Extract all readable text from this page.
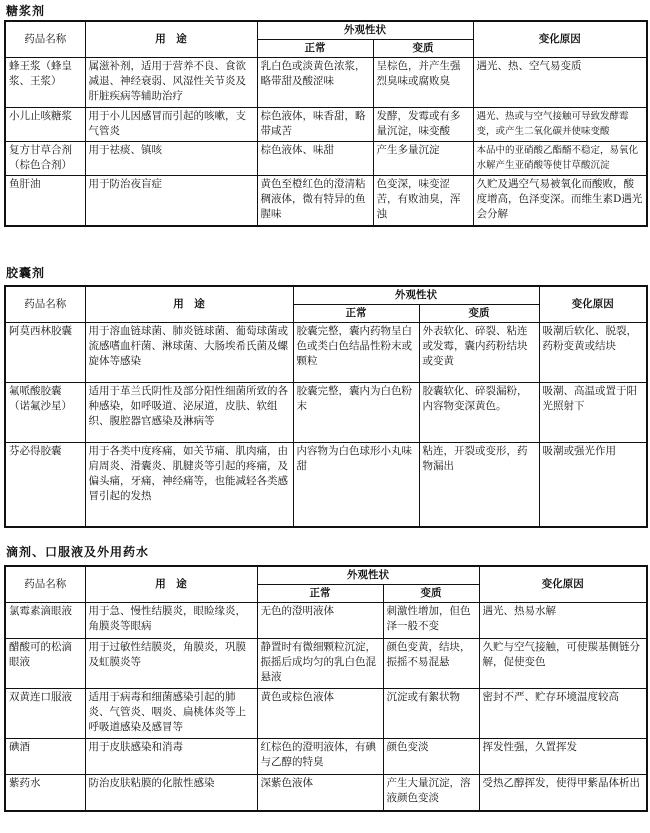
糖浆剂
药品名称	用　途	外观性状		变化原因
		正常	变质	
蜂王浆（蜂皇浆、王浆）	属滋补剂，适用于营养不良、食欲减退、神经衰弱、风湿性关节炎及肝脏疾病等辅助治疗	乳白色或淡黄色浓浆，略带甜及酸涩味	呈棕色，并产生强烈臭味或腐败臭	遇光、热、空气易变质
小儿止咳糖浆	用于小儿因感冒而引起的咳嗽，支气管炎	棕色液体，味香甜，略带咸苦	发酵，发霉或有多量沉淀，味变酸	遇光、热或与空气接触可导致发酵霉变，或产生二氧化碳并使味变酸
复方甘草合剂（棕色合剂）	用于祛痰、镇咳	棕色液体、味甜	产生多量沉淀	本品中的亚硝酸乙酯醑不稳定，易氧化水解产生亚硝酸等使甘草酸沉淀
鱼肝油	用于防治夜盲症	黄色至橙红色的澄清粘稠液体，微有特异的鱼腥味	色变深，味变涩苦，有败油臭，浑浊	久贮及遇空气易被氧化而酸败，酸度增高，色泽变深。而维生素D遇光会分解
胶囊剂
药品名称	用　途	外观性状		变化原因
		正常	变质	
阿莫西林胶囊	用于溶血链球菌、肺炎链球菌、葡萄球菌或流感嗜血杆菌、淋球菌、大肠埃希氏菌及螺旋体等感染	胶囊完整，囊内药物呈白色或类白色结晶性粉末或颗粒	外表软化、碎裂、粘连或发霉，囊内药粉结块或变黄	吸潮后软化、脱裂，药粉变黄或结块
氟哌酸胶囊（诺氟沙星）	适用于革兰氏阴性及部分阳性细菌所致的各种感染，如呼吸道、泌尿道，皮肤、软组织、腹腔器官感染及淋病等	胶囊完整，囊内为白色粉末	胶囊软化、碎裂漏粉，内容物变深黄色。	吸潮、高温或置于阳光照射下
芬必得胶囊	用于各类中度疼痛，如关节痛、肌肉痛，由肩周炎、滑囊炎、肌腱炎等引起的疼痛，及偏头痛，牙痛，神经痛等，也能减轻各类感冒引起的发热	内容物为白色球形小丸味甜	粘连，开裂或变形，药物漏出	吸潮或强光作用
滴剂、口服液及外用药水
药品名称	用　途	外观性状		变化原因
		正常	变质	
氯霉素滴眼液	用于急、慢性结膜炎，眼睑缘炎，角膜炎等眼病	无色的澄明液体	刺激性增加，但色泽一般不变	遇光、热易水解
醋酸可的松滴眼液	用于过敏性结膜炎，角膜炎，巩膜及虹膜炎等	静置时有微细颗粒沉淀，振摇后成均匀的乳白色混悬液	颜色变黄，结块，振摇不易混悬	久贮与空气接触，可使羰基侧链分解，促使变色
双黄连口服液	适用于病毒和细菌感染引起的肺炎、气管炎、咽炎、扁桃体炎等上呼吸道感染及感冒等	黄色或棕色液体	沉淀或有絮状物	密封不严、贮存环境温度较高
碘酒	用于皮肤感染和消毒	红棕色的澄明液体，有碘与乙醇的特臭	颜色变淡	挥发性强，久置挥发
紫药水	防治皮肤粘膜的化脓性感染	深紫色液体	产生大量沉淀，溶液颜色变淡	受热乙醇挥发，使得甲紫晶体析出
